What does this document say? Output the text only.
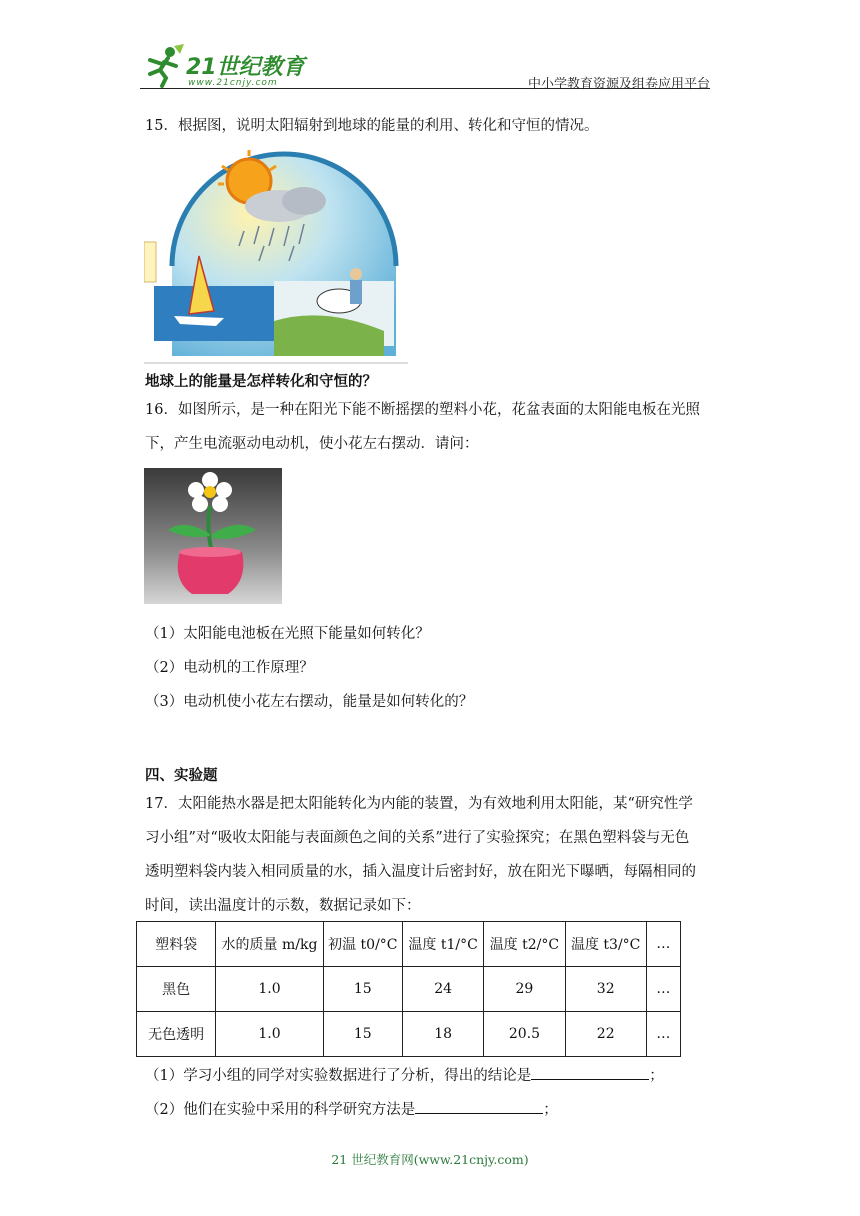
21世纪教育
www.21cnjy.com	中小学教育资源及组卷应用平台
15．根据图，说明太阳辐射到地球的能量的利用、转化和守恒的情况。
地球上的能量是怎样转化和守恒的？
16．如图所示，是一种在阳光下能不断摇摆的塑料小花，花盆表面的太阳能电板在光照
下，产生电流驱动电动机，使小花左右摆动．请问：
（1）太阳能电池板在光照下能量如何转化？
（2）电动机的工作原理？
（3）电动机使小花左右摆动，能量是如何转化的？
四、实验题
17．太阳能热水器是把太阳能转化为内能的装置，为有效地利用太阳能，某“研究性学
习小组”对“吸收太阳能与表面颜色之间的关系”进行了实验探究；在黑色塑料袋与无色
透明塑料袋内装入相同质量的水，插入温度计后密封好，放在阳光下曝晒，每隔相同的
时间，读出温度计的示数，数据记录如下：
塑料袋	水的质量 m/kg	初温 t0/°C	温度 t1/°C	温度 t2/°C	温度 t3/°C	…
黑色	1.0	15	24	29	32	…
无色透明	1.0	15	18	20.5	22	…
（1）学习小组的同学对实验数据进行了分析，得出的结论是	；
（2）他们在实验中采用的科学研究方法是	；
21 世纪教育网(www.21cnjy.com)
